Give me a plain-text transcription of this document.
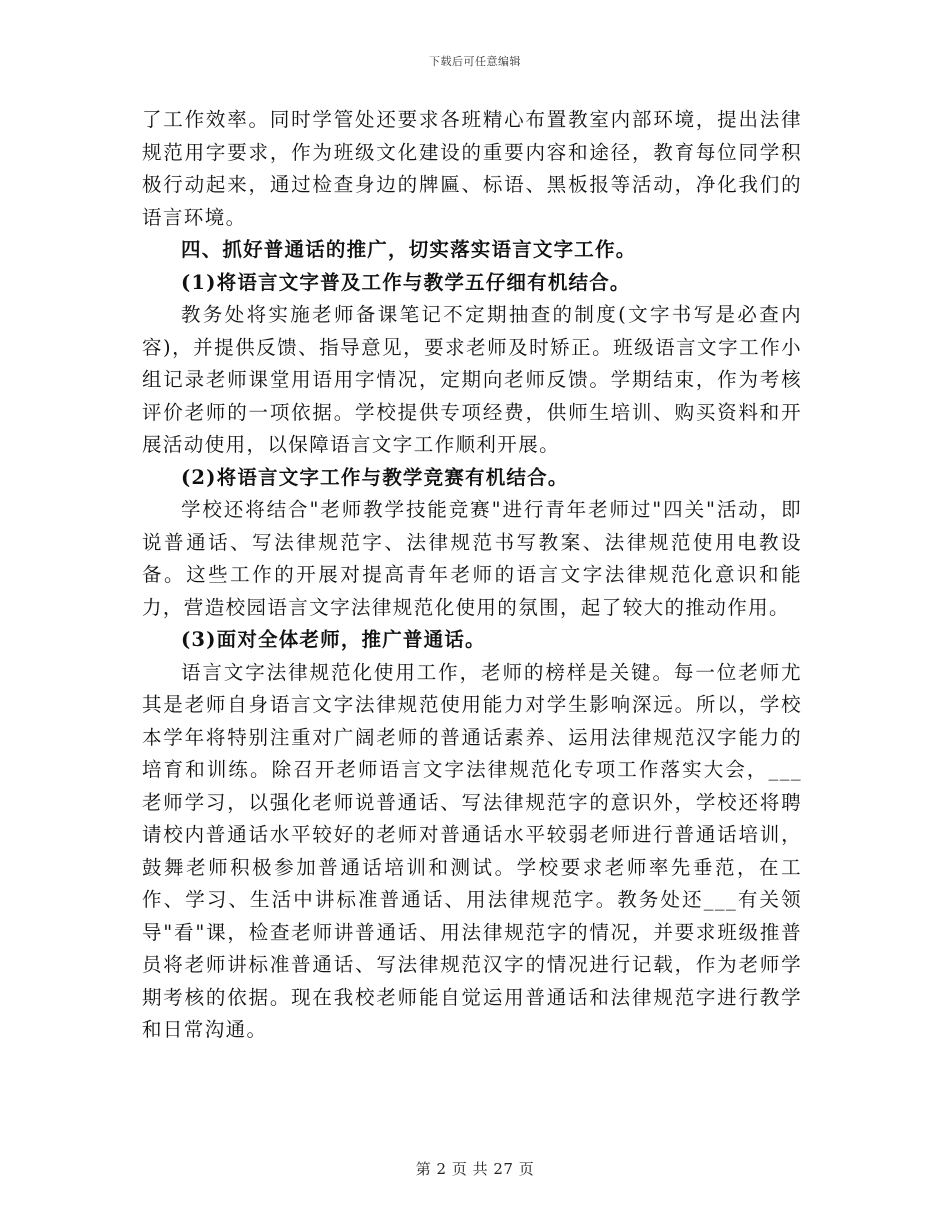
下载后可任意编辑

了工作效率。同时学管处还要求各班精心布置教室内部环境，提出法律规范用字要求，作为班级文化建设的重要内容和途径，教育每位同学积极行动起来，通过检查身边的牌匾、标语、黑板报等活动，净化我们的语言环境。

四、抓好普通话的推广，切实落实语言文字工作。

(1)将语言文字普及工作与教学五仔细有机结合。

教务处将实施老师备课笔记不定期抽查的制度(文字书写是必查内容)，并提供反馈、指导意见，要求老师及时矫正。班级语言文字工作小组记录老师课堂用语用字情况，定期向老师反馈。学期结束，作为考核评价老师的一项依据。学校提供专项经费，供师生培训、购买资料和开展活动使用，以保障语言文字工作顺利开展。

(2)将语言文字工作与教学竞赛有机结合。

学校还将结合"老师教学技能竞赛"进行青年老师过"四关"活动，即说普通话、写法律规范字、法律规范书写教案、法律规范使用电教设备。这些工作的开展对提高青年老师的语言文字法律规范化意识和能力，营造校园语言文字法律规范化使用的氛围，起了较大的推动作用。

(3)面对全体老师，推广普通话。

语言文字法律规范化使用工作，老师的榜样是关键。每一位老师尤其是老师自身语言文字法律规范使用能力对学生影响深远。所以，学校本学年将特别注重对广阔老师的普通话素养、运用法律规范汉字能力的培育和训练。除召开老师语言文字法律规范化专项工作落实大会，___老师学习，以强化老师说普通话、写法律规范字的意识外，学校还将聘请校内普通话水平较好的老师对普通话水平较弱老师进行普通话培训，鼓舞老师积极参加普通话培训和测试。学校要求老师率先垂范，在工作、学习、生活中讲标准普通话、用法律规范字。教务处还___有关领导"看"课，检查老师讲普通话、用法律规范字的情况，并要求班级推普员将老师讲标准普通话、写法律规范汉字的情况进行记载，作为老师学期考核的依据。现在我校老师能自觉运用普通话和法律规范字进行教学和日常沟通。

第 2 页 共 27 页
